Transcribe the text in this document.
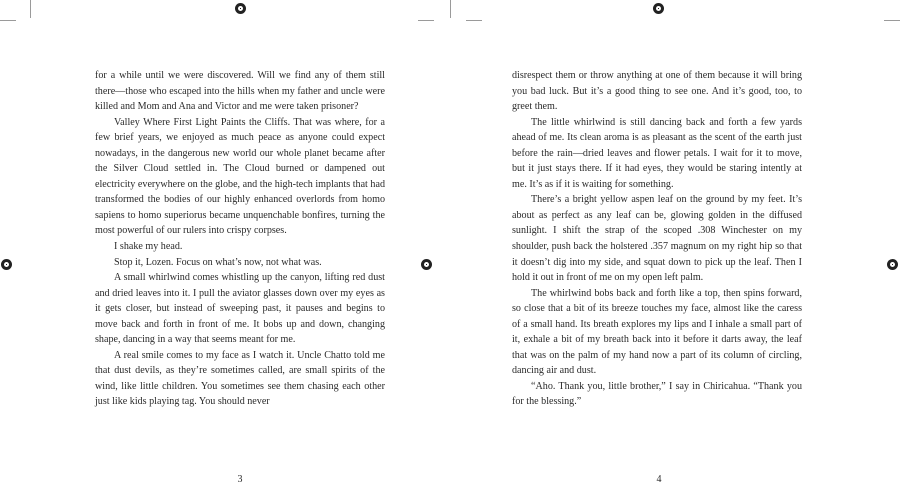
for a while until we were discovered. Will we find any of them still there—those who escaped into the hills when my father and uncle were killed and Mom and Ana and Victor and me were taken prisoner?

Valley Where First Light Paints the Cliffs. That was where, for a few brief years, we enjoyed as much peace as anyone could expect nowadays, in the dangerous new world our whole planet became after the Silver Cloud settled in. The Cloud burned or dampened out electricity everywhere on the globe, and the high-tech implants that had transformed the bodies of our highly enhanced overlords from homo sapiens to homo superiorus became unquenchable bonfires, turning the most powerful of our rulers into crispy corpses.

I shake my head.

Stop it, Lozen. Focus on what’s now, not what was.

A small whirlwind comes whistling up the canyon, lifting red dust and dried leaves into it. I pull the aviator glasses down over my eyes as it gets closer, but instead of sweeping past, it pauses and begins to move back and forth in front of me. It bobs up and down, changing shape, dancing in a way that seems meant for me.

A real smile comes to my face as I watch it. Uncle Chatto told me that dust devils, as they’re sometimes called, are small spirits of the wind, like little children. You sometimes see them chasing each other just like kids playing tag. You should never

3

disrespect them or throw anything at one of them because it will bring you bad luck. But it’s a good thing to see one. And it’s good, too, to greet them.

The little whirlwind is still dancing back and forth a few yards ahead of me. Its clean aroma is as pleasant as the scent of the earth just before the rain—dried leaves and flower petals. I wait for it to move, but it just stays there. If it had eyes, they would be staring intently at me. It’s as if it is waiting for something.

There’s a bright yellow aspen leaf on the ground by my feet. It’s about as perfect as any leaf can be, glowing golden in the diffused sunlight. I shift the strap of the scoped .308 Winchester on my shoulder, push back the holstered .357 magnum on my right hip so that it doesn’t dig into my side, and squat down to pick up the leaf. Then I hold it out in front of me on my open left palm.

The whirlwind bobs back and forth like a top, then spins forward, so close that a bit of its breeze touches my face, almost like the caress of a small hand. Its breath explores my lips and I inhale a small part of it, exhale a bit of my breath back into it before it darts away, the leaf that was on the palm of my hand now a part of its column of circling, dancing air and dust.

“Aho. Thank you, little brother,” I say in Chiricahua. “Thank you for the blessing.”

4
